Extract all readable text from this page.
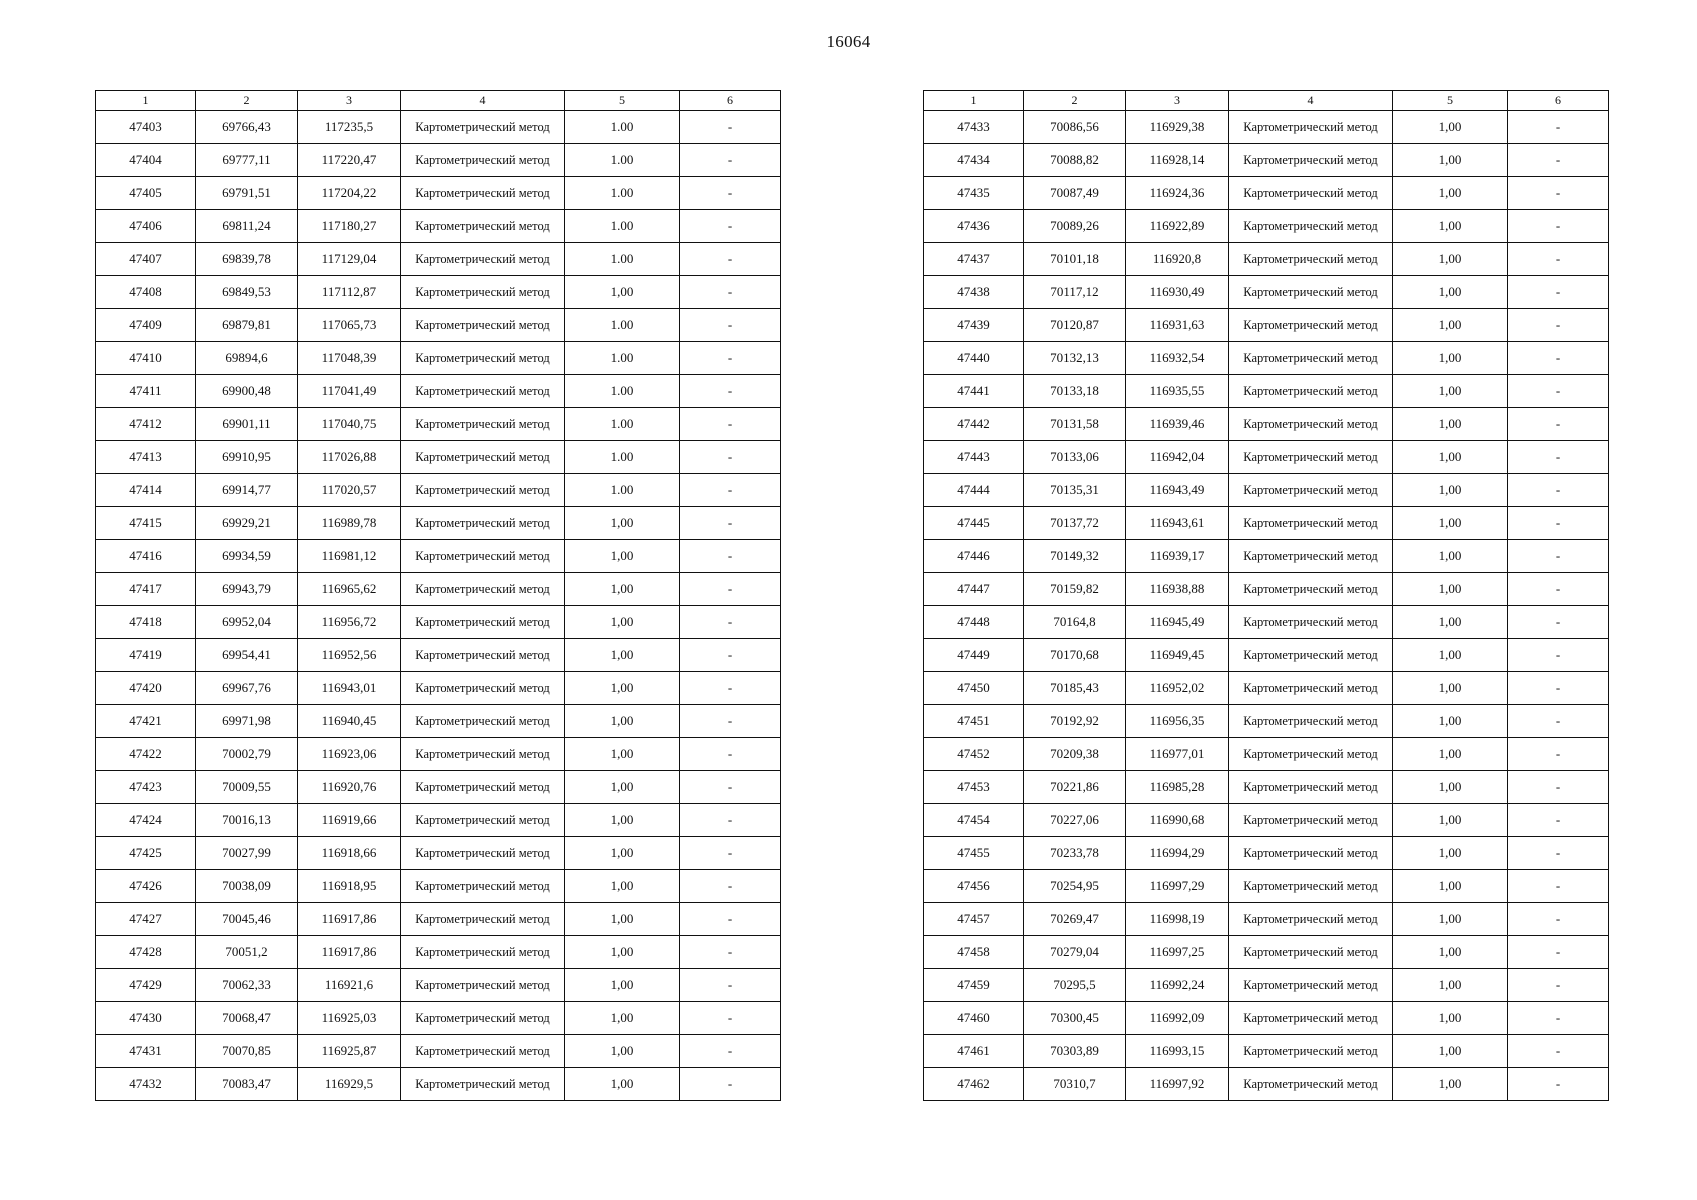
16064
1	2	3	4	5	6
47403	69766,43	117235,5	Картометрический метод	1.00	-
47404	69777,11	117220,47	Картометрический метод	1.00	-
47405	69791,51	117204,22	Картометрический метод	1.00	-
47406	69811,24	117180,27	Картометрический метод	1.00	-
47407	69839,78	117129,04	Картометрический метод	1.00	-
47408	69849,53	117112,87	Картометрический метод	1,00	-
47409	69879,81	117065,73	Картометрический метод	1.00	-
47410	69894,6	117048,39	Картометрический метод	1.00	-
47411	69900,48	117041,49	Картометрический метод	1.00	-
47412	69901,11	117040,75	Картометрический метод	1.00	-
47413	69910,95	117026,88	Картометрический метод	1.00	-
47414	69914,77	117020,57	Картометрический метод	1.00	-
47415	69929,21	116989,78	Картометрический метод	1,00	-
47416	69934,59	116981,12	Картометрический метод	1,00	-
47417	69943,79	116965,62	Картометрический метод	1,00	-
47418	69952,04	116956,72	Картометрический метод	1,00	-
47419	69954,41	116952,56	Картометрический метод	1,00	-
47420	69967,76	116943,01	Картометрический метод	1,00	-
47421	69971,98	116940,45	Картометрический метод	1,00	-
47422	70002,79	116923,06	Картометрический метод	1,00	-
47423	70009,55	116920,76	Картометрический метод	1,00	-
47424	70016,13	116919,66	Картометрический метод	1,00	-
47425	70027,99	116918,66	Картометрический метод	1,00	-
47426	70038,09	116918,95	Картометрический метод	1,00	-
47427	70045,46	116917,86	Картометрический метод	1,00	-
47428	70051,2	116917,86	Картометрический метод	1,00	-
47429	70062,33	116921,6	Картометрический метод	1,00	-
47430	70068,47	116925,03	Картометрический метод	1,00	-
47431	70070,85	116925,87	Картометрический метод	1,00	-
47432	70083,47	116929,5	Картометрический метод	1,00	-
1	2	3	4	5	6
47433	70086,56	116929,38	Картометрический метод	1,00	-
47434	70088,82	116928,14	Картометрический метод	1,00	-
47435	70087,49	116924,36	Картометрический метод	1,00	-
47436	70089,26	116922,89	Картометрический метод	1,00	-
47437	70101,18	116920,8	Картометрический метод	1,00	-
47438	70117,12	116930,49	Картометрический метод	1,00	-
47439	70120,87	116931,63	Картометрический метод	1,00	-
47440	70132,13	116932,54	Картометрический метод	1,00	-
47441	70133,18	116935,55	Картометрический метод	1,00	-
47442	70131,58	116939,46	Картометрический метод	1,00	-
47443	70133,06	116942,04	Картометрический метод	1,00	-
47444	70135,31	116943,49	Картометрический метод	1,00	-
47445	70137,72	116943,61	Картометрический метод	1,00	-
47446	70149,32	116939,17	Картометрический метод	1,00	-
47447	70159,82	116938,88	Картометрический метод	1,00	-
47448	70164,8	116945,49	Картометрический метод	1,00	-
47449	70170,68	116949,45	Картометрический метод	1,00	-
47450	70185,43	116952,02	Картометрический метод	1,00	-
47451	70192,92	116956,35	Картометрический метод	1,00	-
47452	70209,38	116977,01	Картометрический метод	1,00	-
47453	70221,86	116985,28	Картометрический метод	1,00	-
47454	70227,06	116990,68	Картометрический метод	1,00	-
47455	70233,78	116994,29	Картометрический метод	1,00	-
47456	70254,95	116997,29	Картометрический метод	1,00	-
47457	70269,47	116998,19	Картометрический метод	1,00	-
47458	70279,04	116997,25	Картометрический метод	1,00	-
47459	70295,5	116992,24	Картометрический метод	1,00	-
47460	70300,45	116992,09	Картометрический метод	1,00	-
47461	70303,89	116993,15	Картометрический метод	1,00	-
47462	70310,7	116997,92	Картометрический метод	1,00	-
